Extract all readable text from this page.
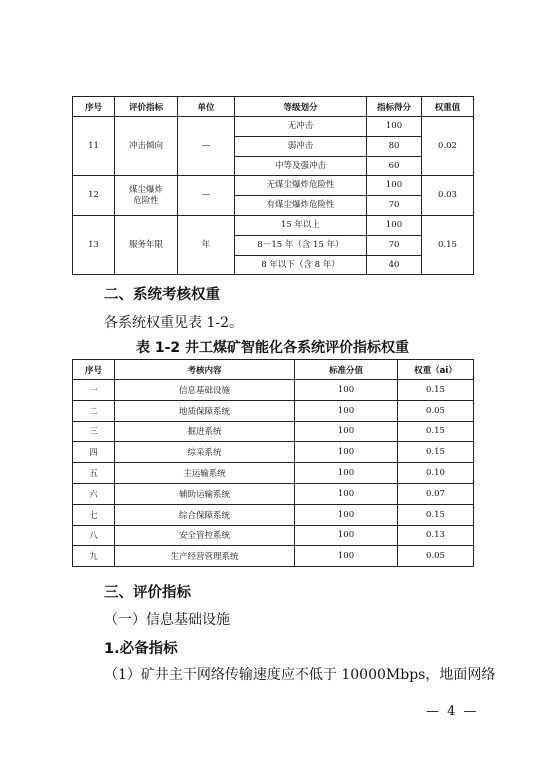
序号	评价指标	单位	等级划分	指标得分	权重值
11	冲击倾向	—	无冲击	100	0.02
			弱冲击	80	
			中等及强冲击	60	
12	煤尘爆炸危险性	—	无煤尘爆炸危险性	100	0.03
			有煤尘爆炸危险性	70	
13	服务年限	年	15 年以上	100	0.15
			8－15 年（含 15 年）	70	
			8 年以下（含 8 年）	40	
二、系统考核权重
各系统权重见表 1-2。
表 1-2 井工煤矿智能化各系统评价指标权重
序号	考核内容	标准分值	权重（ai）
一	信息基础设施	100	0.15
二	地质保障系统	100	0.05
三	掘进系统	100	0.15
四	综采系统	100	0.15
五	主运输系统	100	0.10
六	辅助运输系统	100	0.07
七	综合保障系统	100	0.15
八	安全管控系统	100	0.13
九	生产经营管理系统	100	0.05
三、评价指标
（一）信息基础设施
1.必备指标
（1）矿井主干网络传输速度应不低于 10000Mbps，地面网络
— 4 —
